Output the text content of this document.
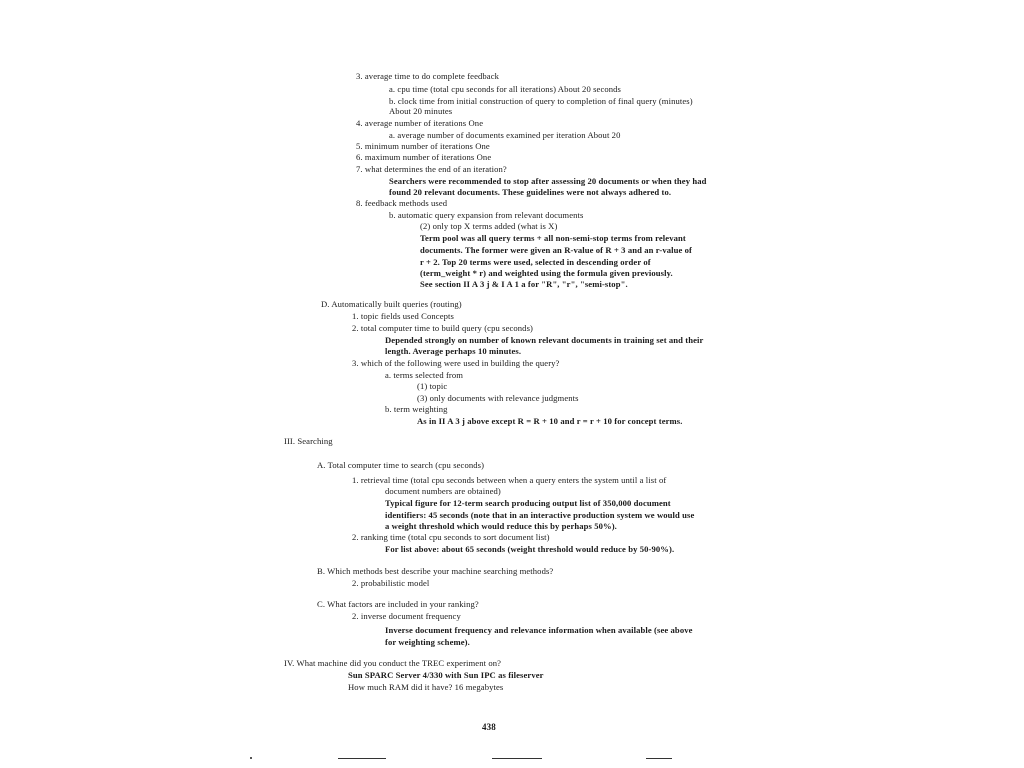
3. average time to do complete feedback
a. cpu time (total cpu seconds for all iterations) About 20 seconds
b. clock time from initial construction of query to completion of final query (minutes)
About 20 minutes
4. average number of iterations One
a. average number of documents examined per iteration About 20
5. minimum number of iterations One
6. maximum number of iterations One
7. what determines the end of an iteration?
Searchers were recommended to stop after assessing 20 documents or when they had
found 20 relevant documents. These guidelines were not always adhered to.
8. feedback methods used
b. automatic query expansion from relevant documents
(2) only top X terms added (what is X)
Term pool was all query terms + all non-semi-stop terms from relevant
documents. The former were given an R-value of R + 3 and an r-value of
r + 2. Top 20 terms were used, selected in descending order of
(term_weight * r) and weighted using the formula given previously.
See section II A 3 j & I A 1 a for "R", "r", "semi-stop".
D. Automatically built queries (routing)
1. topic fields used Concepts
2. total computer time to build query (cpu seconds)
Depended strongly on number of known relevant documents in training set and their
length. Average perhaps 10 minutes.
3. which of the following were used in building the query?
a. terms selected from
(1) topic
(3) only documents with relevance judgments
b. term weighting
As in II A 3 j above except R = R + 10 and r = r + 10 for concept terms.
III. Searching
A. Total computer time to search (cpu seconds)
1. retrieval time (total cpu seconds between when a query enters the system until a list of
document numbers are obtained)
Typical figure for 12-term search producing output list of 350,000 document
identifiers: 45 seconds (note that in an interactive production system we would use
a weight threshold which would reduce this by perhaps 50%).
2. ranking time (total cpu seconds to sort document list)
For list above: about 65 seconds (weight threshold would reduce by 50-90%).
B. Which methods best describe your machine searching methods?
2. probabilistic model
C. What factors are included in your ranking?
2. inverse document frequency
Inverse document frequency and relevance information when available (see above
for weighting scheme).
IV. What machine did you conduct the TREC experiment on?
Sun SPARC Server 4/330 with Sun IPC as fileserver
How much RAM did it have? 16 megabytes
438
